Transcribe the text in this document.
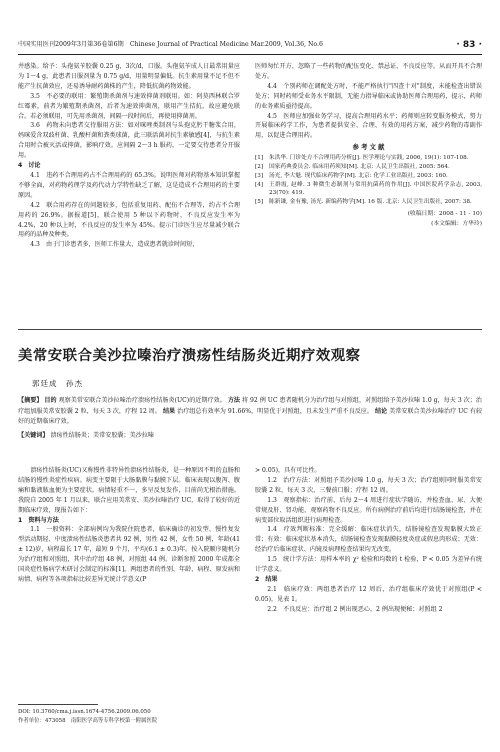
中国实用医刊2009年3月第36卷第6期　Chinese Journal of Practical Medicine Mar.2009, Vol.36, No.6	· 83 ·

井感染。给予：头孢氨苄胶囊 0.25 g，3次/d，口服。头孢氨苄成人日最常用量应为 1～4 g，此患者日服剂量为 0.75 g/d，用量明显偏低。抗生素用量不足不但不能产生抗菌效应，还易诱导耐药菌株的产生，降低抗菌药物效能。

3.5　不必要的联用：繁殖期杀菌剂与速效抑菌剂联用。如：阿莫西林联合罗红霉素，前者为繁殖期杀菌剂，后者为速效抑菌剂，联用产生拮抗，故应避免联合。若必须联用，可先用杀菌剂，间隔一段时间后，再使用抑菌剂。

3.6　药物未向患者交待服用方法：如对咪唑类制剂与头孢克肟干糖浆合用，妈咪爱含双歧杆菌、乳酸杆菌和粪类球菌，此三联活菌对抗生素敏感[4]，与抗生素合用时合被灭活或抑菌，影响疗效。应间隔 2～3 h 服药，一定要交待患者分开服用。

4　讨论

4.1　违药不合理用药占不合理用药的 65.3%。说明医师对药物基本知识掌握不够全面，对药物药理学及药代动力学特性缺乏了解，这是造成不合理用药的主要原因。

4.2　联合用药存在的问题较多，包括重复用药、配伍不合理等，约占不合理用药的 26.9%。据报道[5]，联合使用 5 种以下药物时，不良反应发生率为 4.2%，20 种以上时，不良反应的发生率为 45%。提示门诊医生应尽量减少联合用药的品种及种类。

4.3　由于门诊患者多，医师工作量大，造成患者就诊时间短，

医师匆忙开方，忽略了一些药物的配伍变化、禁忌证、不良反应等，从而开具不合理处方。

4.4　个别药师在调配处方时，不能严格执行"四查十对"制度，未能检查出错误处方；同时药师受业务水平限制，无能力指导临床或协助医师合理用药，提示，药师的业务素质亟待提高。

4.5　医师应加强业务学习，提高合理用药水平；药师则应转变服务模式，努力开展临床药学工作，为患者提供安全、合理、有效的用药方案，减少药物的毒副作用，以促进合理用药。

参 考 文 献
[1] 朱洪华. 门诊处方不合理用药分析[J]. 医学理论与实践, 2006, 19(1): 107-108.
[2] 国家药典委员会. 临床用药须知[M]. 北京: 人民卫生出版社, 2005: 564.
[3] 汤光, 李大魁. 现代临床药物学[M]. 北京: 化学工业出版社, 2003: 160.
[4] 王群霞, 赵峰. 3 种微生态制剂与常用抗菌药的作用[J]. 中国医院药学杂志, 2003, 23(70): 419.
[5] 陈新谦, 金有豫, 汤光. 新编药物学[M]. 16 版. 北京: 人民卫生出版社, 2007: 38.
(收稿日期：2008 - 11 - 10)
(本文编辑：方华玲)
美常安联合美沙拉嗪治疗溃疡性结肠炎近期疗效观察
郭廷成　孙杰
【摘要】 目的 观察美常安联合美沙拉嗪治疗溃疡性结肠炎(UC)的近期疗效。 方法 将 92 例 UC 患者随机分为治疗组与对照组，对照组给予美沙拉嗪 1.0 g，每天 3 次；治疗组加服美常安胶囊 2 粒，每天 3 次，疗程 12 周。 结果 治疗组总有效率为 91.66%，明显优于对照组，且未发生严重不良反应。 结论 美常安联合美沙拉嗪治疗 UC 有较好的近期临床疗效。
【关键词】 溃疡性结肠炎；美常安胶囊；美沙拉嗪

溃疡性结肠炎(UC)又称慢性非特异性溃疡性结肠炎，是一种原因不明的直肠和结肠的慢性炎症性疾病。病变主要限于大肠黏膜与黏膜下层。临床表现以腹泻、腹痛和黏液脓血便为主要症状。病情轻重不一，多呈反复发作，目前尚无根治措施。我院自 2005 年 1 月以来，联合应用美常安、美沙拉嗪治疗 UC，取得了较好的近期临床疗效，现报告如下：

1　资料与方法

1.1　一般资料：全部病例均为我院住院患者，临床确诊的初发型、慢性复发型活动期轻、中度溃疡性结肠炎患者共 92 例，男性 42 例，女性 50 例，年龄(41 ± 12)岁，病程最长 17 年，最短 9 个月，平均(6.1 ± 0.3)年。按入院顺序随机分为治疗组和对照组，其中治疗组 48 例，对照组 44 例。诊断参照 2000 年成都全国炎症性肠病学术研讨会制定的标准[1]。两组患者的性别、年龄、病程、原发病和病情、病程等各项指标比较差异无统计学意义(P

> 0.05)，具有可比性。

1.2　治疗方法：对照组予美沙拉嗪 1.0 g，每天 3 次；治疗组则同时服美常安胶囊 2 粒，每天 3 次，三餐前口服；疗程 12 周。

1.3　观察指标：治疗前、后每 2～4 周进行症状学随访，并检查血、尿、大便常规及肝、肾功能，观察药物不良反应。所有病例治疗前后均进行结肠镜检查，并在病变部位取活组织进行病理检查。

1.4　疗效判断标准：完全缓解：临床症状消失，结肠镜检查发现黏膜大致正常；有效：临床症状基本消失，结肠镜检查发现黏膜轻度炎症或假息肉形成；无效：经治疗后临床症状、内镜及病理检查结果均无改变。

1.5　统计学方法：用样本率的 χ² 检验和均数的 t 检验，P < 0.05 为差异有统计学意义。

2　结果

2.1　临床疗效：两组患者治疗 12 周后，治疗组临床疗效优于对照组(P < 0.05)，见表 1。

2.2　不良反应：治疗组 2 例出现恶心，2 例出现便秘；对照组 2

DOI: 10.3760/cma.j.issn.1674-4756.2009.06.050
作者单位：473058　南阳医学高等专科学校第一附属医院
